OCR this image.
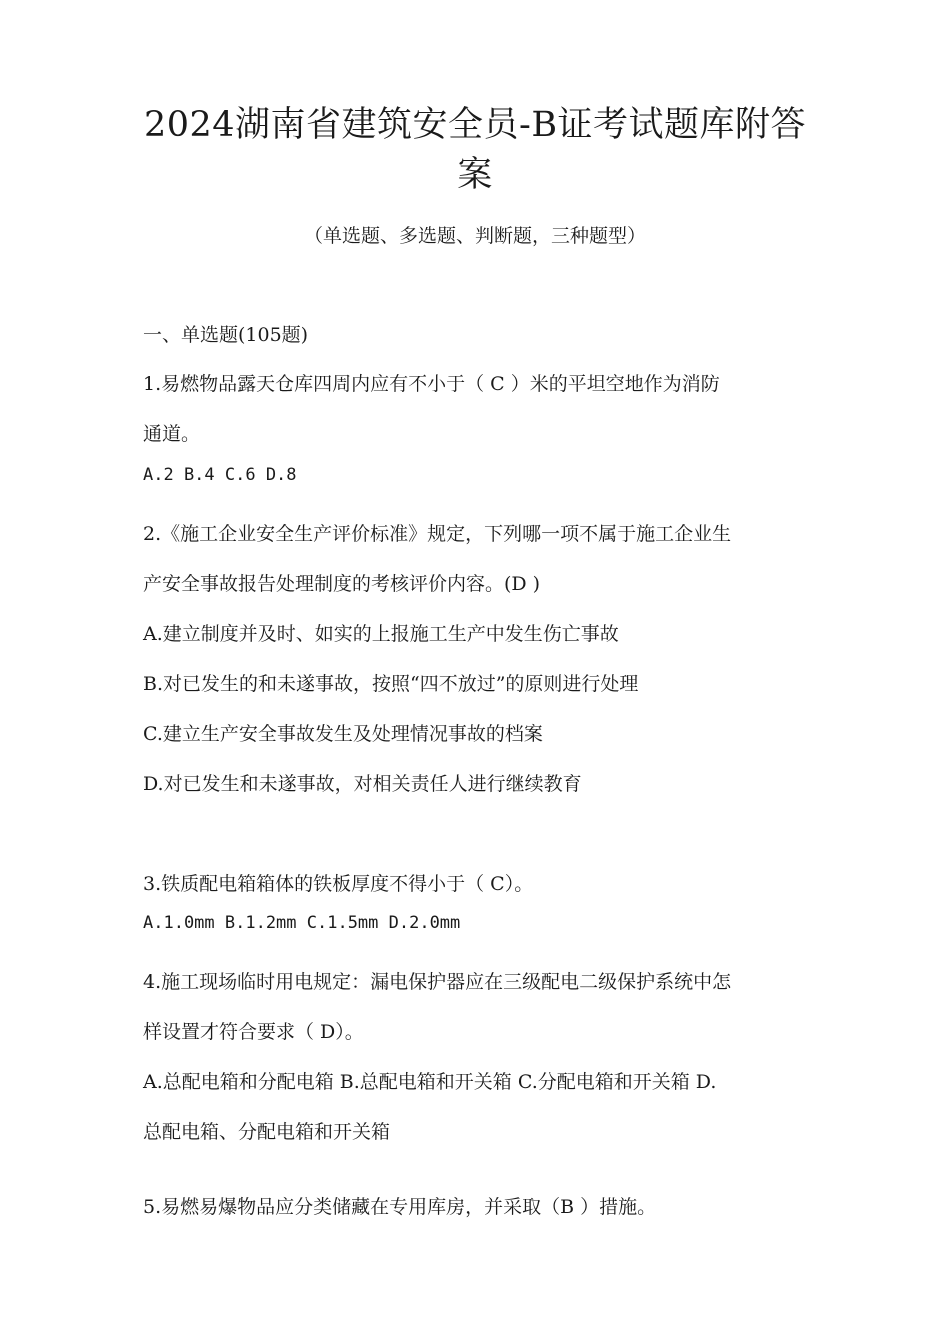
2024湖南省建筑安全员-B证考试题库附答
案
（单选题、多选题、判断题，三种题型）
一、单选题(105题)
1.易燃物品露天仓库四周内应有不小于（ C ）米的平坦空地作为消防
通道。
A.2 B.4 C.6 D.8
2.《施工企业安全生产评价标准》规定，下列哪一项不属于施工企业生
产安全事故报告处理制度的考核评价内容。(D )
A.建立制度并及时、如实的上报施工生产中发生伤亡事故
B.对已发生的和未遂事故，按照“四不放过”的原则进行处理
C.建立生产安全事故发生及处理情况事故的档案
D.对已发生和未遂事故，对相关责任人进行继续教育
3.铁质配电箱箱体的铁板厚度不得小于（ C）。
A.1.0mm B.1.2mm C.1.5mm D.2.0mm
4.施工现场临时用电规定：漏电保护器应在三级配电二级保护系统中怎
样设置才符合要求（ D）。
A.总配电箱和分配电箱 B.总配电箱和开关箱 C.分配电箱和开关箱 D.
总配电箱、分配电箱和开关箱
5.易燃易爆物品应分类储藏在专用库房，并采取（B ）措施。
